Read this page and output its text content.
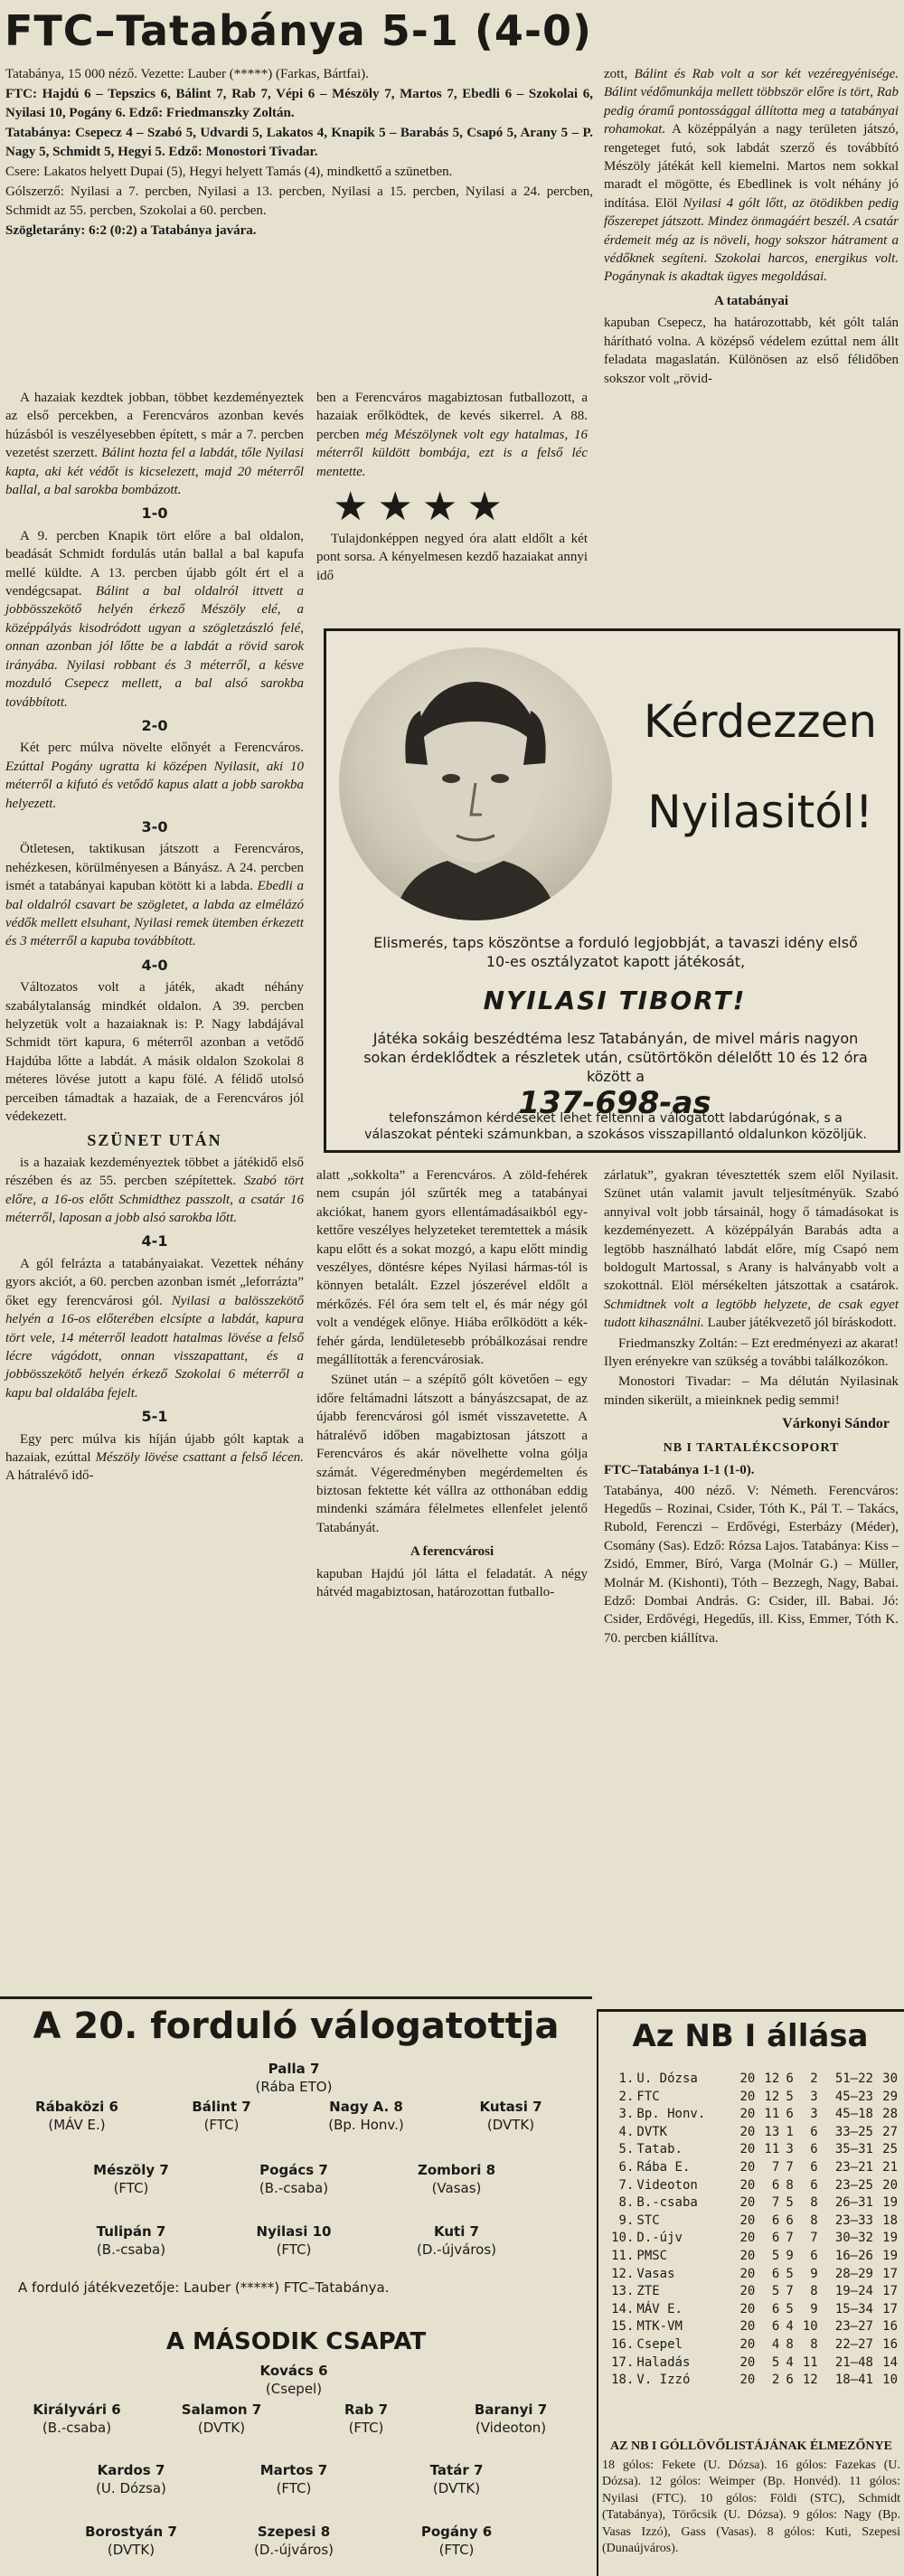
FTC–Tatabánya 5-1 (4-0)

Tatabánya, 15 000 néző. Vezette: Lauber (*****) (Farkas, Bártfai).

FTC: Hajdú 6 – Tepszics 6, Bálint 7, Rab 7, Vépi 6 – Mészöly 7, Martos 7, Ebedli 6 – Szokolai 6, Nyilasi 10, Pogány 6. Edző: Friedmanszky Zoltán.

Tatabánya: Csepecz 4 – Szabó 5, Udvardi 5, Lakatos 4, Knapik 5 – Barabás 5, Csapó 5, Arany 5 – P. Nagy 5, Schmidt 5, Hegyi 5. Edző: Monostori Tivadar.

Csere: Lakatos helyett Dupai (5), Hegyi helyett Tamás (4), mindkettő a szünetben.

Gólszerző: Nyilasi a 7. percben, Nyilasi a 13. percben, Nyilasi a 15. percben, Nyilasi a 24. percben, Schmidt az 55. percben, Szokolai a 60. percben.

Szögletarány: 6:2 (0:2) a Tatabánya javára.

A hazaiak kezdtek jobban, többet kezdeményeztek az első percekben, a Ferencváros azonban kevés húzásból is veszélyesebben épített, s már a 7. percben vezetést szerzett. Bálint hozta fel a labdát, tőle Nyilasi kapta, aki két védőt is kicselezett, majd 20 méterről ballal, a bal sarokba bombázott.

1-0

A 9. percben Knapik tört előre a bal oldalon, beadását Schmidt fordulás után ballal a bal kapufa mellé küldte. A 13. percben újabb gólt ért el a vendégcsapat. Bálint a bal oldalról ittvett a jobbösszekötő helyén érkező Mészöly elé, a középpályás kisodródott ugyan a szögletzászló felé, onnan azonban jól lőtte be a labdát a rövid sarok irányába. Nyilasi robbant és 3 méterről, a késve mozduló Csepecz mellett, a bal alsó sarokba továbbított.

2-0

Két perc múlva növelte előnyét a Ferencváros. Ezúttal Pogány ugratta ki középen Nyilasit, aki 10 méterről a kifutó és vetődő kapus alatt a jobb sarokba helyezett.

3-0

Ötletesen, taktikusan játszott a Ferencváros, nehézkesen, körülményesen a Bányász. A 24. percben ismét a tatabányai kapuban kötött ki a labda. Ebedli a bal oldalról csavart be szögletet, a labda az elmélázó védők mellett elsuhant, Nyilasi remek ütemben érkezett és 3 méterről a kapuba továbbított.

4-0

Változatos volt a játék, akadt néhány szabálytalanság mindkét oldalon. A 39. percben helyzetük volt a hazaiaknak is: P. Nagy labdájával Schmidt tört kapura, 6 méterről azonban a vetődő Hajdúba lőtte a labdát. A másik oldalon Szokolai 8 méteres lövése jutott a kapu fölé. A félidő utolsó perceiben támadtak a hazaiak, de a Ferencváros jól védekezett.

SZÜNET UTÁN

is a hazaiak kezdeményeztek többet a játékidő első részében és az 55. percben szépítettek. Szabó tört előre, a 16-os előtt Schmidthez passzolt, a csatár 16 méterről, laposan a jobb alsó sarokba lőtt.

4-1

A gól felrázta a tatabányaiakat. Vezettek néhány gyors akciót, a 60. percben azonban ismét „leforrázta” őket egy ferencvárosi gól. Nyilasi a balösszekötő helyén a 16-os előterében elcsípte a labdát, kapura tört vele, 14 méterről leadott hatalmas lövése a felső lécre vágódott, onnan visszapattant, és a jobbösszekötő helyén érkező Szokolai 6 méterről a kapu bal oldalába fejelt.

5-1

Egy perc múlva kis híján újabb gólt kaptak a hazaiak, ezúttal Mészöly lövése csattant a felső lécen. A hátralévő idő-

ben a Ferencváros magabiztosan futballozott, a hazaiak erőlködtek, de kevés sikerrel. A 88. percben még Mészölynek volt egy hatalmas, 16 méterről küldött bombája, ezt is a felső léc mentette.

★★★★

Tulajdonképpen negyed óra alatt eldőlt a két pont sorsa. A kényelmesen kezdő hazaiakat annyi idő

zott, Bálint és Rab volt a sor két vezéregyénisége. Bálint védőmunkája mellett többször előre is tört, Rab pedig óramű pontossággal állította meg a tatabányai rohamokat. A középpályán a nagy területen játszó, rengeteget futó, sok labdát szerző és továbbító Mészöly játékát kell kiemelni. Martos nem sokkal maradt el mögötte, és Ebedlinek is volt néhány jó indítása. Elöl Nyilasi 4 gólt lőtt, az ötödikben pedig főszerepet játszott. Mindez önmagáért beszél. A csatár érdemeit még az is növeli, hogy sokszor hátrament a védőknek segíteni. Szokolai harcos, energikus volt. Pogánynak is akadtak ügyes megoldásai.

A tatabányai

kapuban Csepecz, ha határozottabb, két gólt talán hárítható volna. A középső védelem ezúttal nem állt feladata magaslatán. Különösen az első félidőben sokszor volt „rövid-

Kérdezzen
Nyilasitól!
Elismerés, taps köszöntse a forduló legjobbját, a tavaszi idény első 10-es osztályzatot kapott játékosát,
NYILASI TIBORT!
Játéka sokáig beszédtéma lesz Tatabányán, de mivel máris nagyon sokan érdeklődtek a részletek után, csütörtökön délelőtt 10 és 12 óra között a
137-698-as
telefonszámon kérdéseket lehet feltenni a válogatott labdarúgónak, s a válaszokat pénteki számunkban, a szokásos visszapillantó oldalunkon közöljük.

alatt „sokkolta” a Ferencváros. A zöld-fehérek nem csupán jól szűrték meg a tatabányai akciókat, hanem gyors ellentámadásaikból egy-kettőre veszélyes helyzeteket teremtettek a másik kapu előtt és a sokat mozgó, a kapu előtt mindig veszélyes, döntésre képes Nyilasi hármas-tól is könnyen betalált. Ezzel jószerével eldőlt a mérkőzés. Fél óra sem telt el, és már négy gól volt a vendégek előnye. Hiába erőlködött a kék-fehér gárda, lendületesebb próbálkozásai rendre megállították a ferencvárosiak.

Szünet után – a szépítő gólt követően – egy időre feltámadni látszott a bányászcsapat, de az újabb ferencvárosi gól ismét visszavetette. A hátralévő időben magabiztosan játszott a Ferencváros és akár növelhette volna gólja számát. Végeredményben megérdemelten és biztosan fektette két vállra az otthonában eddig mindenki számára félelmetes ellenfelet jelentő Tatabányát.

A ferencvárosi

kapuban Hajdú jól látta el feladatát. A négy hátvéd magabiztosan, határozottan futballo-

zárlatuk”, gyakran tévesztették szem elől Nyilasit. Szünet után valamit javult teljesítményük. Szabó annyival volt jobb társainál, hogy ő támadásokat is kezdeményezett. A középpályán Barabás adta a legtöbb használható labdát előre, míg Csapó nem boldogult Martossal, s Arany is halványabb volt a szokottnál. Elöl mérsékelten játszottak a csatárok. Schmidtnek volt a legtöbb helyzete, de csak egyet tudott kihasználni. Lauber játékvezető jól bíráskodott.

Friedmanszky Zoltán: – Ezt eredményezi az akarat! Ilyen erényekre van szükség a további találkozókon.

Monostori Tivadar: – Ma délután Nyilasinak minden sikerült, a mieinknek pedig semmi!

Várkonyi Sándor
NB I TARTALÉKCSOPORT

FTC–Tatabánya 1-1 (1-0).

Tatabánya, 400 néző. V: Németh. Ferencváros: Hegedűs – Rozinai, Csider, Tóth K., Pál T. – Takács, Rubold, Ferenczi – Erdővégi, Esterbázy (Méder), Csomány (Sas). Edző: Rózsa Lajos. Tatabánya: Kiss – Zsidó, Emmer, Bíró, Varga (Molnár G.) – Müller, Molnár M. (Kishonti), Tóth – Bezzegh, Nagy, Babai. Edző: Dombai András. G: Csider, ill. Babai. Jó: Csider, Erdővégi, Hegedűs, ill. Kiss, Emmer, Tóth K. 70. percben kiállítva.

A 20. forduló válogatottja
Palla 7
(Rába ETO)
Rábaközi 6
(MÁV E.)
Bálint 7
(FTC)
Nagy A. 8
(Bp. Honv.)
Kutasi 7
(DVTK)
Mészöly 7
(FTC)
Pogács 7
(B.-csaba)
Zombori 8
(Vasas)
Tulipán 7
(B.-csaba)
Nyilasi 10
(FTC)
Kuti 7
(D.-újváros)
A forduló játékvezetője: Lauber (*****) FTC–Tatabánya.
A MÁSODIK CSAPAT
Kovács 6
(Csepel)
Királyvári 6
(B.-csaba)
Salamon 7
(DVTK)
Rab 7
(FTC)
Baranyi 7
(Videoton)
Kardos 7
(U. Dózsa)
Martos 7
(FTC)
Tatár 7
(DVTK)
Borostyán 7
(DVTK)
Szepesi 8
(D.-újváros)
Pogány 6
(FTC)
Az NB I állása
1.	U. Dózsa	20	12	6	2	51–22	30
2.	FTC	20	12	5	3	45–23	29
3.	Bp. Honv.	20	11	6	3	45–18	28
4.	DVTK	20	13	1	6	33–25	27
5.	Tatab.	20	11	3	6	35–31	25
6.	Rába E.	20	7	7	6	23–21	21
7.	Videoton	20	6	8	6	23–25	20
8.	B.-csaba	20	7	5	8	26–31	19
9.	STC	20	6	6	8	23–33	18
10.	D.-újv	20	6	7	7	30–32	19
11.	PMSC	20	5	9	6	16–26	19
12.	Vasas	20	6	5	9	28–29	17
13.	ZTE	20	5	7	8	19–24	17
14.	MÁV E.	20	6	5	9	15–34	17
15.	MTK-VM	20	6	4	10	23–27	16
16.	Csepel	20	4	8	8	22–27	16
17.	Haladás	20	5	4	11	21–48	14
18.	V. Izzó	20	2	6	12	18–41	10
AZ NB I GÓLLÖVŐLISTÁJÁNAK ÉLMEZŐNYE
18 gólos: Fekete (U. Dózsa). 16 gólos: Fazekas (U. Dózsa). 12 gólos: Weimper (Bp. Honvéd). 11 gólos: Nyilasi (FTC). 10 gólos: Földi (STC), Schmidt (Tatabánya), Törőcsik (U. Dózsa). 9 gólos: Nagy (Bp. Vasas Izzó), Gass (Vasas). 8 gólos: Kuti, Szepesi (Dunaújváros).
